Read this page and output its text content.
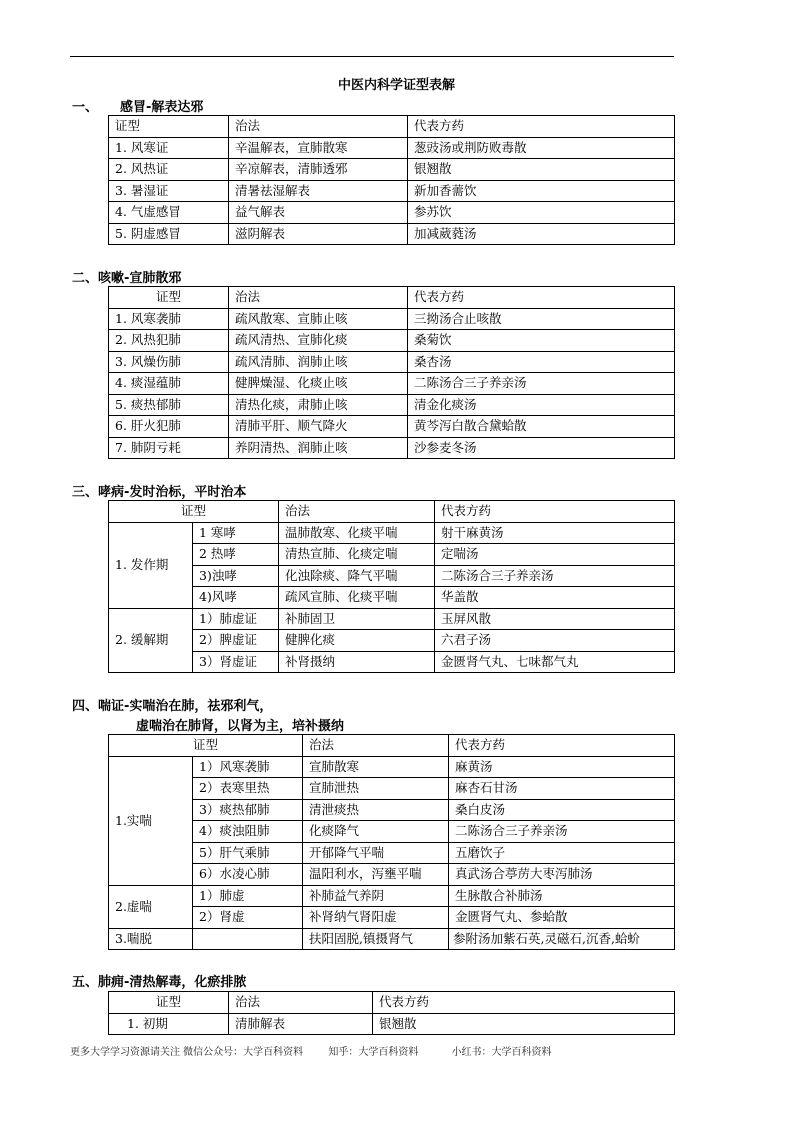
中医内科学证型表解
一、 感冒-解表达邪
证型	治法	代表方药
1. 风寒证	辛温解表，宣肺散寒	葱豉汤或荆防败毒散
2. 风热证	辛凉解表，清肺透邪	银翘散
3. 暑湿证	清暑祛湿解表	新加香薷饮
4. 气虚感冒	益气解表	参苏饮
5. 阴虚感冒	滋阴解表	加减葳蕤汤
二、咳嗽-宣肺散邪
证型	治法	代表方药
1. 风寒袭肺	疏风散寒、宣肺止咳	三拗汤合止咳散
2. 风热犯肺	疏风清热、宣肺化痰	桑菊饮
3. 风燥伤肺	疏风清肺、润肺止咳	桑杏汤
4. 痰湿蕴肺	健脾燥湿、化痰止咳	二陈汤合三子养亲汤
5. 痰热郁肺	清热化痰，肃肺止咳	清金化痰汤
6. 肝火犯肺	清肺平肝、顺气降火	黄芩泻白散合黛蛤散
7. 肺阴亏耗	养阴清热、润肺止咳	沙参麦冬汤
三、哮病-发时治标，平时治本
证型		治法	代表方药
1. 发作期	1 寒哮	温肺散寒、化痰平喘	射干麻黄汤
	2 热哮	清热宣肺、化痰定喘	定喘汤
	3)浊哮	化浊除痰、降气平喘	二陈汤合三子养亲汤
	4)风哮	疏风宣肺、化痰平喘	华盖散
2. 缓解期	1）肺虚证	补肺固卫	玉屏风散
	2）脾虚证	健脾化痰	六君子汤
	3）肾虚证	补肾摄纳	金匮肾气丸、七味都气丸
四、喘证-实喘治在肺，祛邪利气，
虚喘治在肺肾，以肾为主，培补摄纳
证型		治法	代表方药
1.实喘	1）风寒袭肺	宣肺散寒	麻黄汤
	2）表寒里热	宣肺泄热	麻杏石甘汤
	3）痰热郁肺	清泄痰热	桑白皮汤
	4）痰浊阻肺	化痰降气	二陈汤合三子养亲汤
	5）肝气乘肺	开郁降气平喘	五磨饮子
	6）水凌心肺	温阳利水，泻壅平喘	真武汤合葶苈大枣泻肺汤
2.虚喘	1）肺虚	补肺益气养阴	生脉散合补肺汤
	2）肾虚	补肾纳气肾阳虚	金匮肾气丸、参蛤散
3.喘脱		扶阳固脱,镇摄肾气	参附汤加紫石英,灵磁石,沉香,蛤蚧
五、肺痈-清热解毒，化瘀排脓
证型	治法	代表方药
1. 初期	清肺解表	银翘散
更多大学学习资源请关注 微信公众号：大学百科资料	知乎：大学百科资料	小红书：大学百科资料
